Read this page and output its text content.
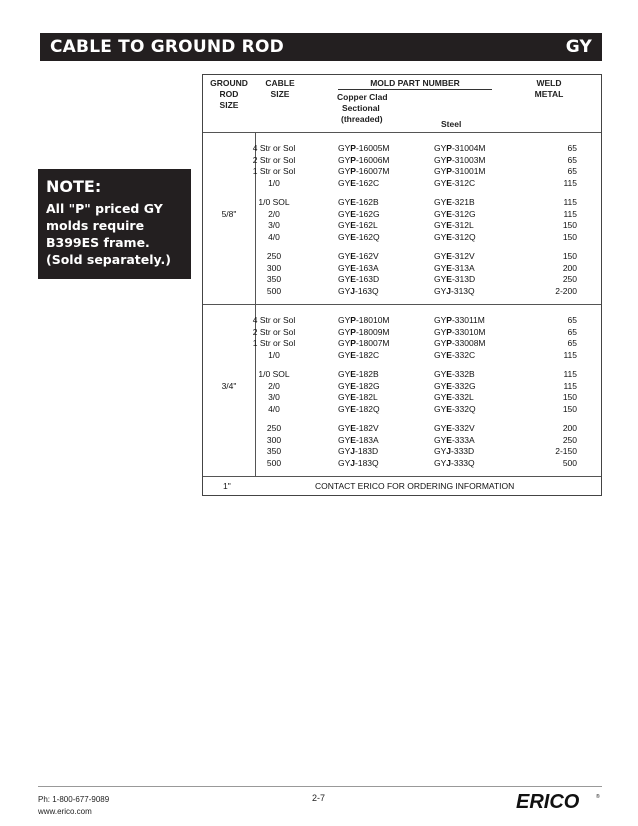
CABLE TO GROUND ROD	GY
NOTE:
All "P" priced GY
molds require
B399ES frame.
(Sold separately.)
GROUND
ROD
SIZE
CABLE
SIZE
MOLD PART NUMBER
Copper Clad
Sectional
(threaded)	Steel
WELD
METAL
4 Str or Sol	GYP-16005M	GYP-31004M	65
2 Str or Sol	GYP-16006M	GYP-31003M	65
1 Str or Sol	GYP-16007M	GYP-31001M	65
1/0	GYE-162C	GYE-312C	115
1/0 SOL	GYE-162B	GYE-321B	115
2/0	GYE-162G	GYE-312G	115
3/0	GYE-162L	GYE-312L	150
4/0	GYE-162Q	GYE-312Q	150
250	GYE-162V	GYE-312V	150
300	GYE-163A	GYE-313A	200
350	GYE-163D	GYE-313D	250
500	GYJ-163Q	GYJ-313Q	2-200
4 Str or Sol	GYP-18010M	GYP-33011M	65
2 Str or Sol	GYP-18009M	GYP-33010M	65
1 Str or Sol	GYP-18007M	GYP-33008M	65
1/0	GYE-182C	GYE-332C	115
1/0 SOL	GYE-182B	GYE-332B	115
2/0	GYE-182G	GYE-332G	115
3/0	GYE-182L	GYE-332L	150
4/0	GYE-182Q	GYE-332Q	150
250	GYE-182V	GYE-332V	200
300	GYE-183A	GYE-333A	250
350	GYJ-183D	GYJ-333D	2-150
500	GYJ-183Q	GYJ-333Q	500
5/8"
3/4"
1"	CONTACT ERICO FOR ORDERING INFORMATION
Ph: 1-800-677-9089
www.erico.com
2-7	ERICO	®
